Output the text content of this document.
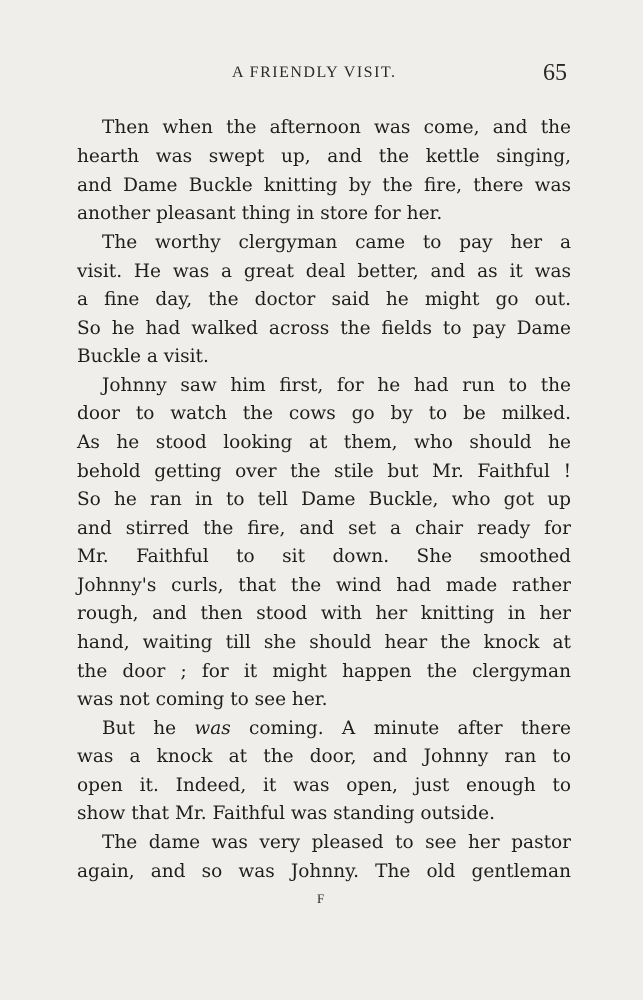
A FRIENDLY VISIT.	65
Then when the afternoon was come, and the
hearth was swept up, and the kettle singing,
and Dame Buckle knitting by the fire, there was
another pleasant thing in store for her.
The worthy clergyman came to pay her a
visit. He was a great deal better, and as it was
a fine day, the doctor said he might go out.
So he had walked across the fields to pay Dame
Buckle a visit.
Johnny saw him first, for he had run to the
door to watch the cows go by to be milked.
As he stood looking at them, who should he
behold getting over the stile but Mr. Faithful !
So he ran in to tell Dame Buckle, who got up
and stirred the fire, and set a chair ready for
Mr. Faithful to sit down. She smoothed
Johnny's curls, that the wind had made rather
rough, and then stood with her knitting in her
hand, waiting till she should hear the knock at
the door ; for it might happen the clergyman
was not coming to see her.
But he was coming. A minute after there
was a knock at the door, and Johnny ran to
open it. Indeed, it was open, just enough to
show that Mr. Faithful was standing outside.
The dame was very pleased to see her pastor
again, and so was Johnny. The old gentleman
F
